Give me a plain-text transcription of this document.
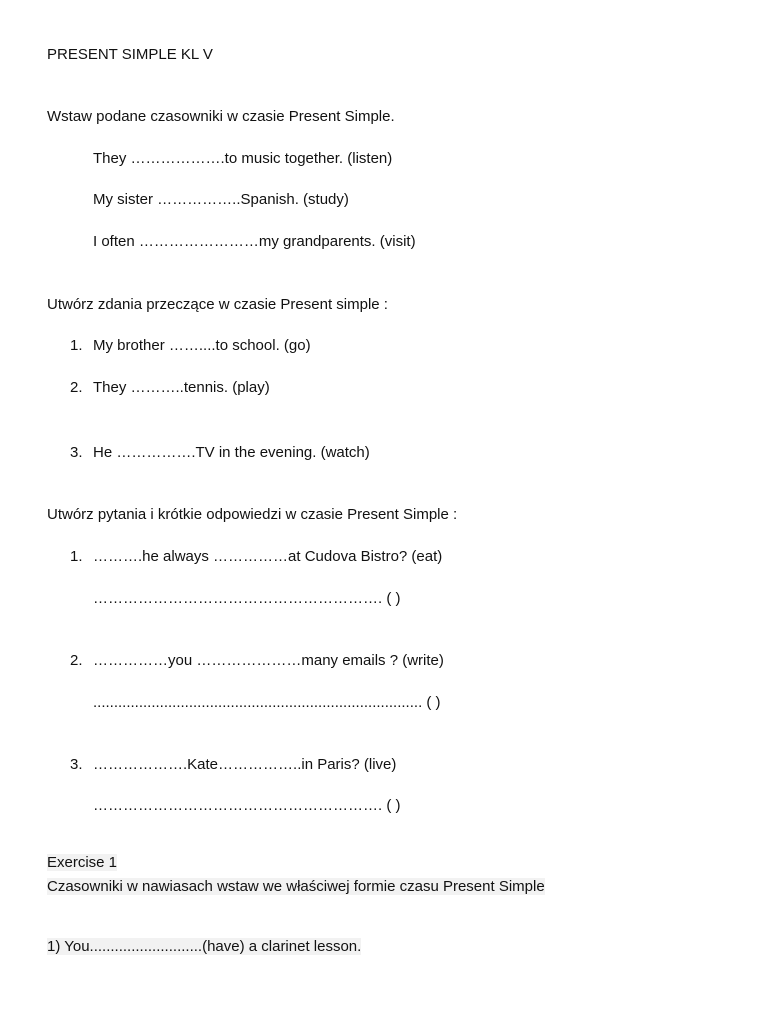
PRESENT SIMPLE KL V
Wstaw podane czasowniki w czasie Present Simple.
They ……………….to music together. (listen)
My sister ……………..Spanish. (study)
I often ……………………my grandparents. (visit)
Utwórz zdania przeczące w czasie Present simple :
1. My brother ……....to school. (go)
2. They ………..tennis. (play)
3. He …………….TV in the evening. (watch)
Utwórz pytania i krótkie odpowiedzi w czasie Present Simple :
1. ……….he always ……………at Cudova Bistro? (eat)
…………………………………………………. ( )
2. ……………you …………………many emails ? (write)
............................................................................... ( )
3. ……………….Kate……………..in Paris? (live)
…………………………………………………. ( )
Exercise 1
Czasowniki w nawiasach wstaw we właściwej formie czasu Present Simple
1) You...........................(have) a clarinet lesson.
